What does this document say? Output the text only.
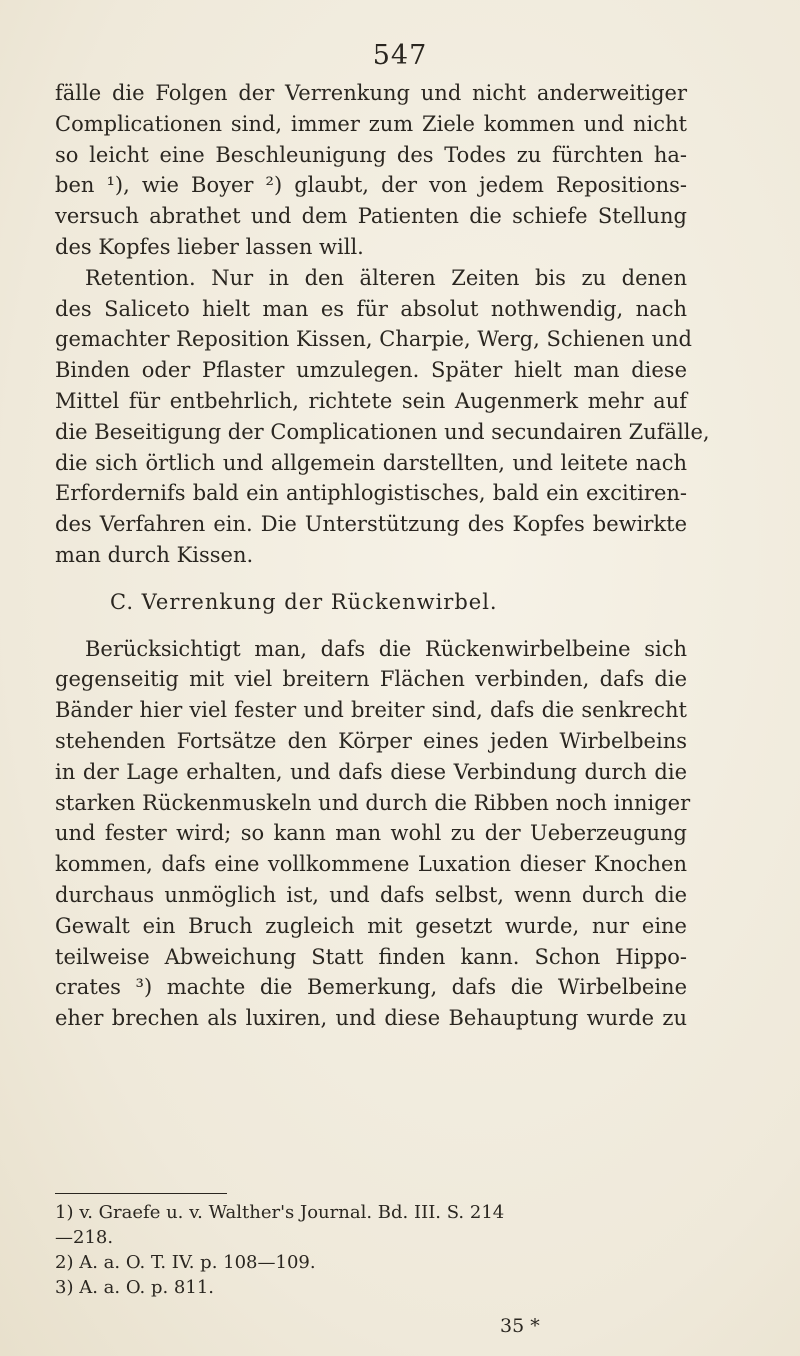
547
fälle die Folgen der Verrenkung und nicht anderweitiger
Complicationen sind, immer zum Ziele kommen und nicht
so leicht eine Beschleunigung des Todes zu fürchten ha-
ben ¹), wie Boyer ²) glaubt, der von jedem Repositions-
versuch abrathet und dem Patienten die schiefe Stellung
des Kopfes lieber lassen will.
Retention. Nur in den älteren Zeiten bis zu denen
des Saliceto hielt man es für absolut nothwendig, nach
gemachter Reposition Kissen, Charpie, Werg, Schienen und
Binden oder Pflaster umzulegen. Später hielt man diese
Mittel für entbehrlich, richtete sein Augenmerk mehr auf
die Beseitigung der Complicationen und secundairen Zufälle,
die sich örtlich und allgemein darstellten, und leitete nach
Erfordernifs bald ein antiphlogistisches, bald ein excitiren-
des Verfahren ein. Die Unterstützung des Kopfes bewirkte
man durch Kissen.
C. Verrenkung der Rückenwirbel.
Berücksichtigt man, dafs die Rückenwirbelbeine sich
gegenseitig mit viel breitern Flächen verbinden, dafs die
Bänder hier viel fester und breiter sind, dafs die senkrecht
stehenden Fortsätze den Körper eines jeden Wirbelbeins
in der Lage erhalten, und dafs diese Verbindung durch die
starken Rückenmuskeln und durch die Ribben noch inniger
und fester wird; so kann man wohl zu der Ueberzeugung
kommen, dafs eine vollkommene Luxation dieser Knochen
durchaus unmöglich ist, und dafs selbst, wenn durch die
Gewalt ein Bruch zugleich mit gesetzt wurde, nur eine
teilweise Abweichung Statt finden kann. Schon Hippo-
crates ³) machte die Bemerkung, dafs die Wirbelbeine
eher brechen als luxiren, und diese Behauptung wurde zu
1) v. Graefe u. v. Walther's Journal. Bd. III. S. 214
—218.
2) A. a. O. T. IV. p. 108—109.
3) A. a. O. p. 811.
35 *
